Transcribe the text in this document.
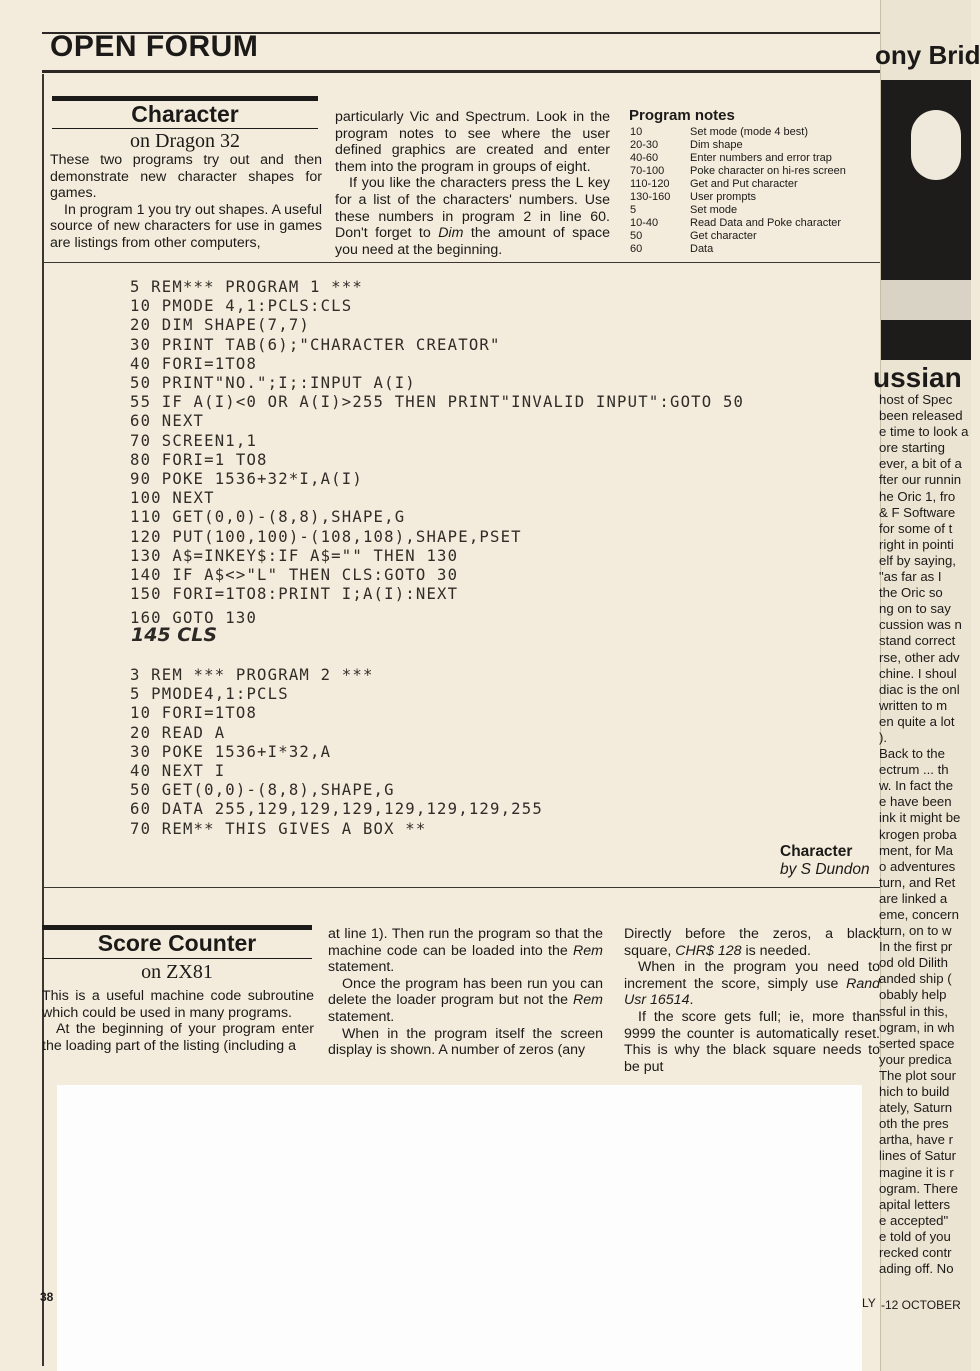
OPEN FORUM
Character
on Dragon 32

These two programs try out and then demonstrate new character shapes for games.

In program 1 you try out shapes. A useful source of new characters for use in games are listings from other computers,

particularly Vic and Spectrum. Look in the program notes to see where the user defined graphics are created and enter them into the program in groups of eight.

If you like the characters press the L key for a list of the characters' numbers. Use these numbers in program 2 in line 60. Don't forget to Dim the amount of space you need at the beginning.

Program notes
10	Set mode (mode 4 best)
20-30	Dim shape
40-60	Enter numbers and error trap
70-100	Poke character on hi-res screen
110-120	Get and Put character
130-160	User prompts
5	Set mode
10-40	Read Data and Poke character
50	Get character
60	Data
5 REM*** PROGRAM 1 ***
10 PMODE 4,1:PCLS:CLS
20 DIM SHAPE(7,7)
30 PRINT TAB(6);"CHARACTER CREATOR"
40 FORI=1TO8
50 PRINT"NO.";I;:INPUT A(I)
55 IF A(I)<0 OR A(I)>255 THEN PRINT"INVALID INPUT":GOTO 50
60 NEXT
70 SCREEN1,1
80 FORI=1 TO8
90 POKE 1536+32*I,A(I)
100 NEXT
110 GET(0,0)-(8,8),SHAPE,G
120 PUT(100,100)-(108,108),SHAPE,PSET
130 A$=INKEY$:IF A$="" THEN 130
140 IF A$<>"L" THEN CLS:GOTO 30
150 FORI=1TO8:PRINT I;A(I):NEXT
160 GOTO 130
145 CLS
3 REM *** PROGRAM 2 ***
5 PMODE4,1:PCLS
10 FORI=1TO8
20 READ A
30 POKE 1536+I*32,A
40 NEXT I
50 GET(0,0)-(8,8),SHAPE,G
60 DATA 255,129,129,129,129,129,129,255
70 REM** THIS GIVES A BOX **
Character
by S Dundon
Score Counter
on ZX81

This is a useful machine code subroutine which could be used in many programs.

At the beginning of your program enter the loading part of the listing (including a

at line 1). Then run the program so that the machine code can be loaded into the Rem statement.

Once the program has been run you can delete the loader program but not the Rem statement.

When in the program itself the screen display is shown. A number of zeros (any

Directly before the zeros, a black square, CHR$ 128 is needed.

When in the program you need to increment the score, simply use Rand Usr 16514.

If the score gets full; ie, more than 9999 the counter is automatically reset. This is why the black square needs to be put

38	LY
ony Brid
ussian
host of Spec
been released
e time to look a
ore starting
ever, a bit of a
fter our runnin
he Oric 1, fro
& F Software
for some of t
right in pointi
elf by saying,
"as far as I
the Oric so
ng on to say
cussion was n
stand correct
rse, other adv
chine. I shoul
diac is the onl
written to m
en quite a lot
).
Back to the
ectrum ... th
w. In fact the
e have been
ink it might be
krogen proba
ment, for Ma
o adventures
turn, and Ret
are linked a
eme, concern
turn, on to w
In the first pr
od old Dilith
anded ship (
obably help
ssful in this,
ogram, in wh
serted space
your predica
The plot sour
hich to build
ately, Saturn
oth the pres
artha, have r
lines of Satur
magine it is r
ogram. There
apital letters
e accepted"
e told of you
recked contr
ading off. No
-12 OCTOBER
